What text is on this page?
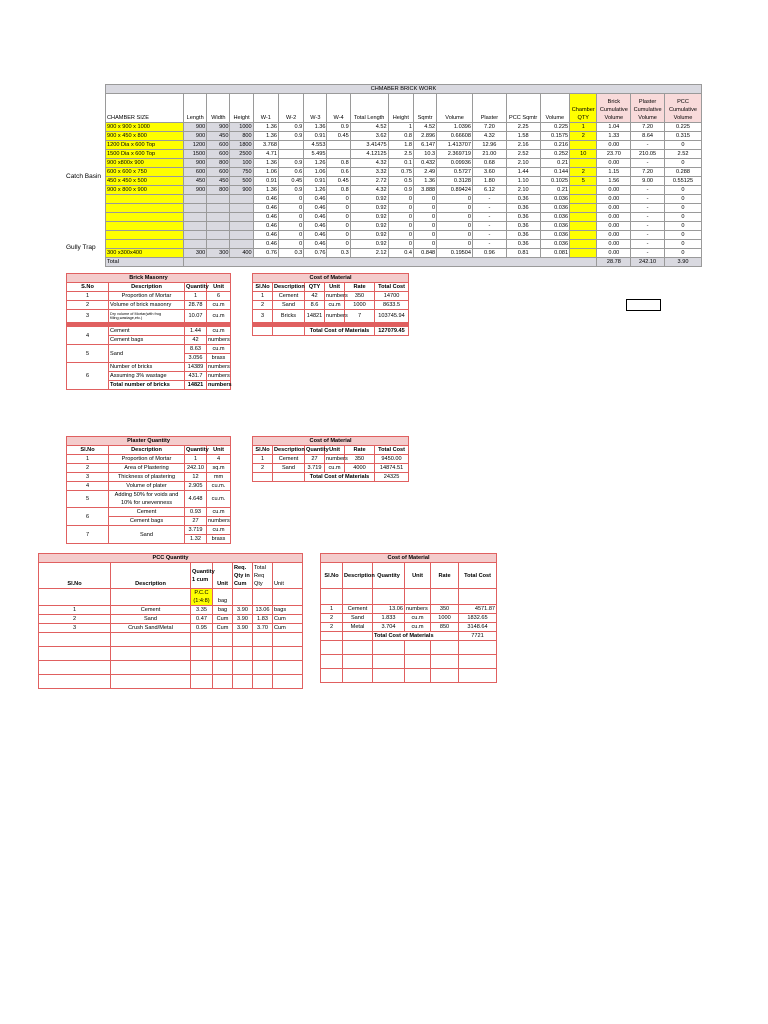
Catch Basin
Gully Trap
CHMABER BRICK WORK																		
CHAMBER SIZE	Length	Width	Height	W-1	W-2	W-3	W-4	Total Length	Height	Sqmtr	Volume	Plaster	PCC Sqmtr	Volume	Chamber QTY	Brick Cumulative Volume	Plaster Cumulative Volume	PCC Cumulative Volume
900 x 900 x 1000	900	900	1000	1.36	0.9	1.36	0.9	4.52	1	4.52	1.0396	7.20	2.25	0.225	1	1.04	7.20	0.225
900 x 450 x 800	900	450	800	1.36	0.9	0.91	0.45	3.62	0.8	2.896	0.66608	4.32	1.58	0.1575	2	1.33	8.64	0.315
1200 Dia x 600 Top	1200	600	1800	3.768		4.553		3.41475	1.8	6.147	1.413707	12.96	2.16	0.216		0.00	-	0
1500 Dia x 600 Top	1500	600	2500	4.71		5.495		4.12125	2.5	10.3	2.369719	21.00	2.52	0.252	10	23.70	210.05	2.52
900 x800x 900	900	800	100	1.36	0.9	1.26	0.8	4.32	0.1	0.432	0.09936	0.68	2.10	0.21		0.00	-	0
600 x 600 x 750	600	600	750	1.06	0.6	1.06	0.6	3.32	0.75	2.49	0.5727	3.60	1.44	0.144	2	1.15	7.20	0.288
450 x 450 x 500	450	450	500	0.91	0.45	0.91	0.45	2.72	0.5	1.36	0.3128	1.80	1.10	0.1025	5	1.56	9.00	0.55125
900 x 800 x 900	900	800	900	1.36	0.9	1.26	0.8	4.32	0.9	3.888	0.89424	6.12	2.10	0.21		0.00	-	0
				0.46	0	0.46	0	0.92	0	0	0	-	0.36	0.036		0.00	-	0
				0.46	0	0.46	0	0.92	0	0	0	-	0.36	0.036		0.00	-	0
				0.46	0	0.46	0	0.92	0	0	0	-	0.36	0.036		0.00	-	0
				0.46	0	0.46	0	0.92	0	0	0	-	0.36	0.036		0.00	-	0
				0.46	0	0.46	0	0.92	0	0	0	-	0.36	0.036		0.00	-	0
				0.46	0	0.46	0	0.92	0	0	0	-	0.36	0.036		0.00	-	0
300 x300x400	300	300	400	0.76	0.3	0.76	0.3	2.12	0.4	0.848	0.19504	0.96	0.81	0.081		0.00	-	0
Total																28.78	242.10	3.90
Brick Masonry			
S.No	Description	Quantity	Unit
1	Proportion of Mortar	1	6
2	Volume of brick masonry	28.78	cu.m
3	Dry volume of Mortar(with frog filling,wastage,etc.)	10.07	cu.m

4	Cement	1.44	cu.m
	Cement bags	42	numbers
5	Sand	8.63	cu.m
		3.056	brass
6	Number of bricks	14389	numbers
	Assuming 3% wastage	431.7	numbers
	Total number of bricks	14821	numbers
Cost of Material					
Sl.No	Description	QTY	Unit	Rate	Total Cost
1	Cement	42	numbers	350	14700
2	Sand	8.6	cu.m	1000	8633.5
3	Bricks	14821	numbers	7	103745.94

		Total Cost of Materials			127079.45
Plaster Quantity			
Sl.No	Description	Quantity	Unit
1	Proportion of Mortar	1	4
2	Area of Plastering	242.10	sq.m
3	Thickness of plastering	12	mm
4	Volume of plater	2.905	cu.m.
5	Adding 50% for voids and 10% for unevenness	4.648	cu.m.
6	Cement	0.93	cu.m
	Cement bags	27	numbers
7	Sand	3.719	cu.m
		1.32	brass
Cost of Material					
Sl.No	Description	Quantity	Unit	Rate	Total Cost
1	Cement	27	numbers	350	9450.00
2	Sand	3.719	cu.m	4000	14874.51
		Total Cost of Materials			24325
PCC Quantity						
Sl.No	Description	Quantity 1 cum	Unit	Req. Qty in Cum	Total Req Qty	Unit
		P.C.C (1:4:8)	bag			
1	Cement	3.35	bag	3.90	13.06	bags
2	Sand	0.47	Cum	3.90	1.83	Cum
3	Crush Sand/Metal	0.95	Cum	3.90	3.70	Cum

Cost of Material					
Sl.No	Description	Quantity	Unit	Rate	Total Cost

1	Cement	13.06	numbers	350	4571.87
2	Sand	1.833	cu.m	1000	1832.65
2	Metal	3.704	cu.m	850	3148.64
		Total Cost of Materials			7721
